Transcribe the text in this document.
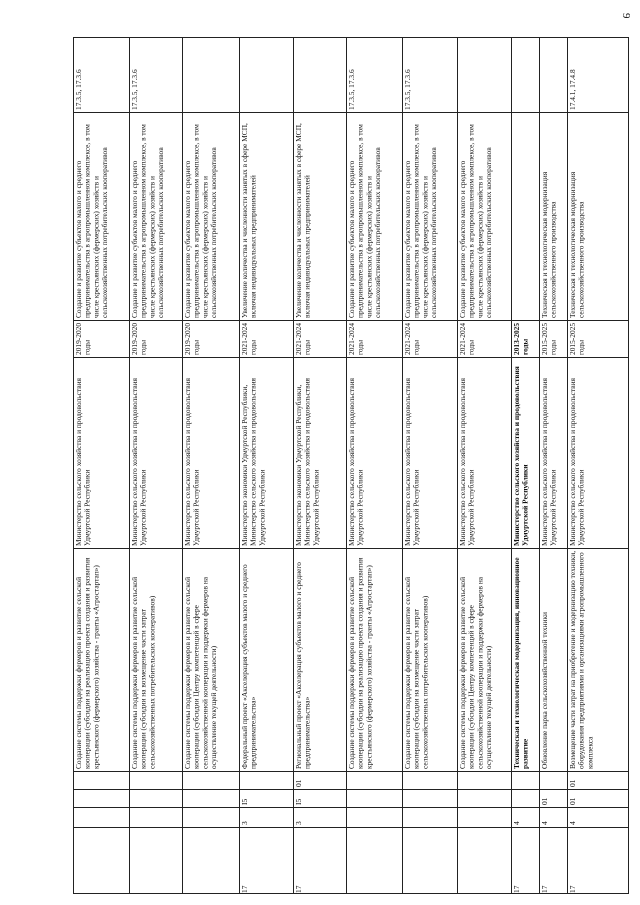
9
Создание системы поддержки фермеров и развитие сельской кооперации (субсидии на реализацию проекта создания и развития крестьянского (фермерского) хозяйства - гранты «Агростартап»)
Министерство сельского хозяйства и продовольствия Удмуртской Республики
2019-2020 годы
Создание и развитие субъектов малого и среднего предпринимательства в агропромышленном комплексе, в том числе крестьянских (фермерских) хозяйств и сельскохозяйственных потребительских кооперативов
17.3.5, 17.3.6
Создание системы поддержки фермеров и развитие сельской кооперации (субсидии на возмещение части затрат сельскохозяйственных потребительских кооперативов)
Министерство сельского хозяйства и продовольствия Удмуртской Республики
2019-2020 годы
Создание и развитие субъектов малого и среднего предпринимательства в агропромышленном комплексе, в том числе крестьянских (фермерских) хозяйств и сельскохозяйственных потребительских кооперативов
17.3.5, 17.3.6
Создание системы поддержки фермеров и развитие сельской кооперации (субсидии Центру компетенций в сфере сельскохозяйственной кооперации и поддержки фермеров на осуществление текущей деятельности)
Министерство сельского хозяйства и продовольствия Удмуртской Республики
2019-2020 годы
Создание и развитие субъектов малого и среднего предпринимательства в агропромышленном комплексе, в том числе крестьянских (фермерских) хозяйств и сельскохозяйственных потребительских кооперативов
17
3
I5
Федеральный проект «Акселерация субъектов малого и среднего предпринимательства»
Министерство экономики Удмуртской Республики, Министерство сельского хозяйства и продовольствия Удмуртской Республики
2021-2024 годы
Увеличение количества и численности занятых в сфере МСП, включая индивидуальных предпринимателей
17
3
I5
01
Региональный проект «Акселерация субъектов малого и среднего предпринимательства»
Министерство экономики Удмуртской Республики, Министерство сельского хозяйства и продовольствия Удмуртской Республики
2021-2024 годы
Увеличение количества и численности занятых в сфере МСП, включая индивидуальных предпринимателей
Создание системы поддержки фермеров и развитие сельской кооперации (субсидии на реализацию проекта создания и развития крестьянского (фермерского) хозяйства - гранты «Агростартап»)
Министерство сельского хозяйства и продовольствия Удмуртской Республики
2021-2024 годы
Создание и развитие субъектов малого и среднего предпринимательства в агропромышленном комплексе, в том числе крестьянских (фермерских) хозяйств и сельскохозяйственных потребительских кооперативов
17.3.5, 17.3.6
Создание системы поддержки фермеров и развитие сельской кооперации (субсидии на возмещение части затрат сельскохозяйственных потребительских кооперативов)
Министерство сельского хозяйства и продовольствия Удмуртской Республики
2021-2024 годы
Создание и развитие субъектов малого и среднего предпринимательства в агропромышленном комплексе, в том числе крестьянских (фермерских) хозяйств и сельскохозяйственных потребительских кооперативов
17.3.5, 17.3.6
Создание системы поддержки фермеров и развитие сельской кооперации (субсидии Центру компетенций в сфере сельскохозяйственной кооперации и поддержки фермеров на осуществление текущей деятельности)
Министерство сельского хозяйства и продовольствия Удмуртской Республики
2021-2024 годы
Создание и развитие субъектов малого и среднего предпринимательства в агропромышленном комплексе, в том числе крестьянских (фермерских) хозяйств и сельскохозяйственных потребительских кооперативов
17
4
Техническая и технологическая модернизация, инновационное развитие
Министерство сельского хозяйства и продовольствия Удмуртской Республики
2013-2025 годы
17
4
01
Обновление парка сельскохозяйственной техники
Министерство сельского хозяйства и продовольствия Удмуртской Республики
2015-2025 годы
Техническая и технологическая модернизация сельскохозяйственного производства
17
4
01
01
Возмещение части затрат на приобретение и модернизацию техники, оборудования предприятиями и организациями агропромышленного комплекса
Министерство сельского хозяйства и продовольствия Удмуртской Республики
2015-2025 годы
Техническая и технологическая модернизация сельскохозяйственного производства
17.4.1, 17.4.8
